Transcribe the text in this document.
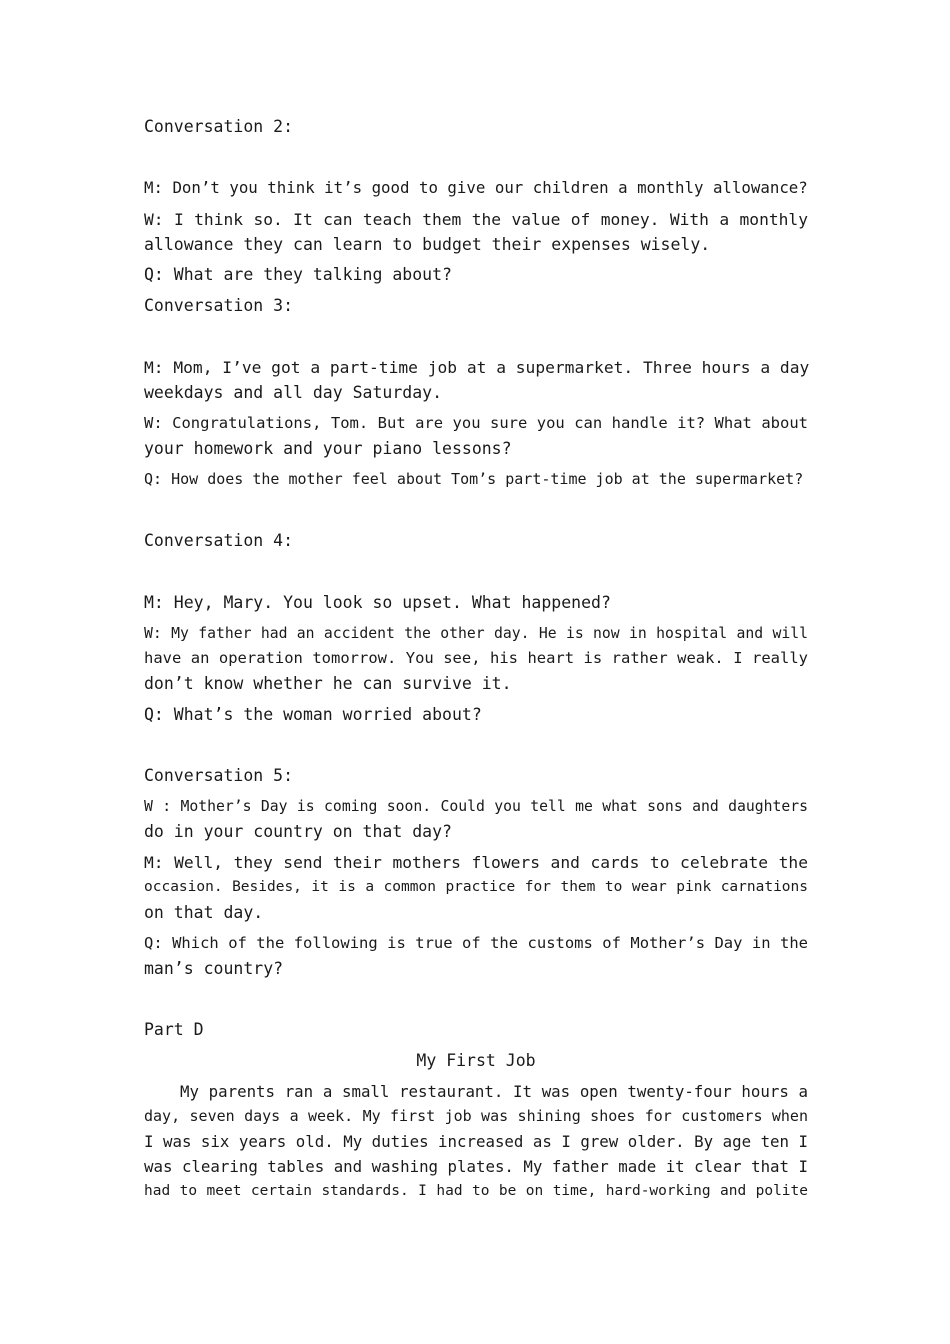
Conversation 2:
M: Don’t you think it’s good to give our children a monthly allowance?
W: I think so. It can teach them the value of money. With a monthly
allowance they can learn to budget their expenses wisely.
Q: What are they talking about?
Conversation 3:
M: Mom, I’ve got a part-time job at a supermarket. Three hours a day
weekdays and all day Saturday.
W: Congratulations, Tom. But are you sure you can handle it? What about
your homework and your piano lessons?
Q: How does the mother feel about Tom’s part-time job at the supermarket?
Conversation 4:
M: Hey, Mary. You look so upset. What happened?
W: My father had an accident the other day. He is now in hospital and will
have an operation tomorrow. You see, his heart is rather weak. I really
don’t know whether he can survive it.
Q: What’s the woman worried about?
Conversation 5:
W : Mother’s Day is coming soon. Could you tell me what sons and daughters
do in your country on that day?
M: Well, they send their mothers flowers and cards to celebrate the
occasion. Besides, it is a common practice for them to wear pink carnations
on that day.
Q: Which of the following is true of the customs of Mother’s Day in the
man’s country?
Part D
My First Job
My parents ran a small restaurant. It was open twenty-four hours a
day, seven days a week. My first job was shining shoes for customers when
I was six years old. My duties increased as I grew older. By age ten I
was clearing tables and washing plates. My father made it clear that I
had to meet certain standards. I had to be on time, hard-working and polite
